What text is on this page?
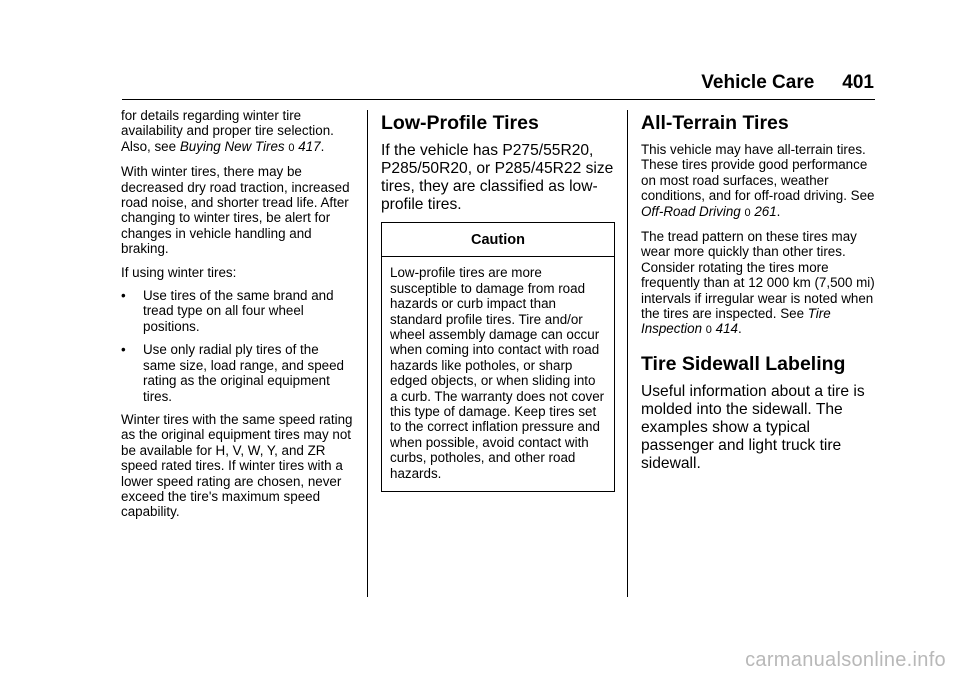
Vehicle Care 401

for details regarding winter tire availability and proper tire selection. Also, see Buying New Tires 0 417.

With winter tires, there may be decreased dry road traction, increased road noise, and shorter tread life. After changing to winter tires, be alert for changes in vehicle handling and braking.

If using winter tires:

•	Use tires of the same brand and tread type on all four wheel positions.
•	Use only radial ply tires of the same size, load range, and speed rating as the original equipment tires.

Winter tires with the same speed rating as the original equipment tires may not be available for H, V, W, Y, and ZR speed rated tires. If winter tires with a lower speed rating are chosen, never exceed the tire's maximum speed capability.

Low-Profile Tires

If the vehicle has P275/55R20, P285/50R20, or P285/45R22 size tires, they are classified as low-profile tires.

Caution
Low-profile tires are more susceptible to damage from road hazards or curb impact than standard profile tires. Tire and/or wheel assembly damage can occur when coming into contact with road hazards like potholes, or sharp edged objects, or when sliding into a curb. The warranty does not cover this type of damage. Keep tires set to the correct inflation pressure and when possible, avoid contact with curbs, potholes, and other road hazards.
All-Terrain Tires

This vehicle may have all-terrain tires. These tires provide good performance on most road surfaces, weather conditions, and for off-road driving. See Off-Road Driving 0 261.

The tread pattern on these tires may wear more quickly than other tires. Consider rotating the tires more frequently than at 12 000 km (7,500 mi) intervals if irregular wear is noted when the tires are inspected. See Tire Inspection 0 414.

Tire Sidewall Labeling

Useful information about a tire is molded into the sidewall. The examples show a typical passenger and light truck tire sidewall.

carmanualsonline.info
